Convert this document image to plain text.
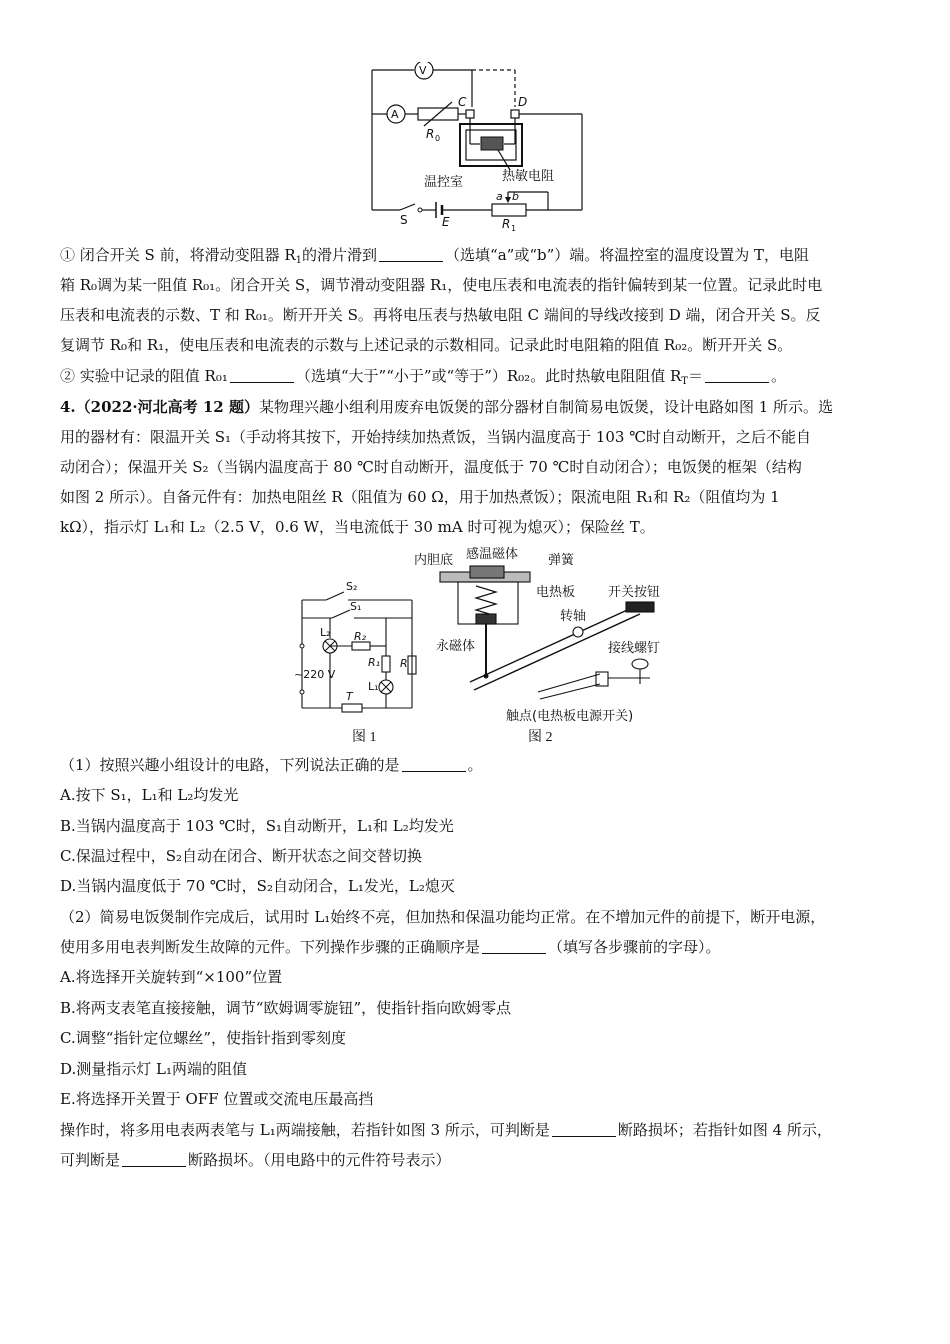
V
A
R 0
C	D
温控室	热敏电阻
S	E
a b
R 1
① 闭合开关 S 前，将滑动变阻器 $R_1$的滑片滑到	（选填“a”或“b”）端。将温控室的温度设置为 T，电阻
箱 R₀调为某一阻值 R₀₁。闭合开关 S，调节滑动变阻器 R₁，使电压表和电流表的指针偏转到某一位置。记录此时电
压表和电流表的示数、T 和 R₀₁。断开开关 S。再将电压表与热敏电阻 C 端间的导线改接到 D 端，闭合开关 S。反
复调节 R₀和 R₁，使电压表和电流表的示数与上述记录的示数相同。记录此时电阻箱的阻值 R₀₂。断开开关 S。
② 实验中记录的阻值 R₀₁	（选填“大于”“小于”或“等于”）R₀₂。此时热敏电阻阻值 $R_T=$	。
4.（2022·河北高考 12 题）某物理兴趣小组利用废弃电饭煲的部分器材自制简易电饭煲，设计电路如图 1 所示。选
用的器材有：限温开关 S₁（手动将其按下，开始持续加热煮饭，当锅内温度高于 103 ℃时自动断开，之后不能自
动闭合）；保温开关 S₂（当锅内温度高于 80 ℃时自动断开，温度低于 70 ℃时自动闭合）；电饭煲的框架（结构
如图 2 所示）。自备元件有：加热电阻丝 R（阻值为 60 Ω，用于加热煮饭）；限流电阻 R₁和 R₂（阻值均为 1
kΩ），指示灯 L₁和 L₂（2.5 V，0.6 W，当电流低于 30 mA 时可视为熄灭）；保险丝 T。
S₂
S₁
L₂ R₂
R₁ R
L₁
~220 V
T
图 1
内胆底 感温磁体 弹簧
电热板	开关按钮
永磁体
转轴
接线螺钉
触点(电热板电源开关)
图 2
（1）按照兴趣小组设计的电路，下列说法正确的是	。
A.按下 S₁，L₁和 L₂均发光
B.当锅内温度高于 103 ℃时，S₁自动断开，L₁和 L₂均发光
C.保温过程中，S₂自动在闭合、断开状态之间交替切换
D.当锅内温度低于 70 ℃时，S₂自动闭合，L₁发光，L₂熄灭
（2）简易电饭煲制作完成后，试用时 L₁始终不亮，但加热和保温功能均正常。在不增加元件的前提下，断开电源，
使用多用电表判断发生故障的元件。下列操作步骤的正确顺序是	（填写各步骤前的字母）。
A.将选择开关旋转到“×100”位置
B.将两支表笔直接接触，调节“欧姆调零旋钮”，使指针指向欧姆零点
C.调整“指针定位螺丝”，使指针指到零刻度
D.测量指示灯 L₁两端的阻值
E.将选择开关置于 OFF 位置或交流电压最高挡
操作时，将多用电表两表笔与 L₁两端接触，若指针如图 3 所示，可判断是	断路损坏；若指针如图 4 所示，
可判断是	断路损坏。（用电路中的元件符号表示）
